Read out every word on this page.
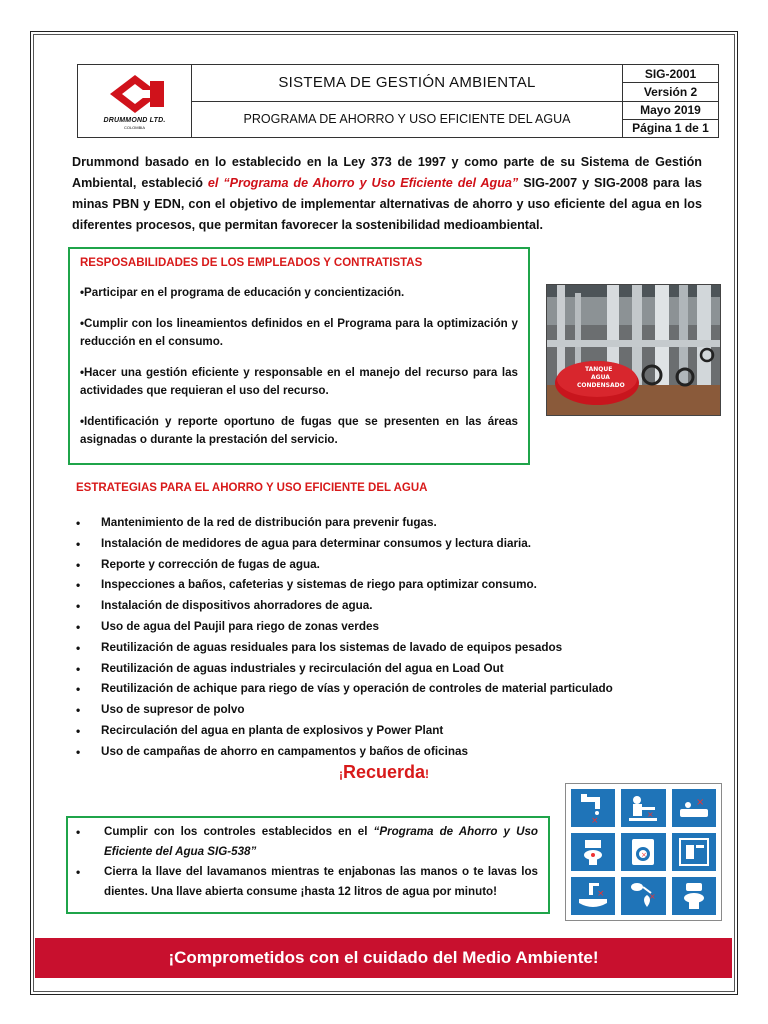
DRUMMOND LTD.
COLOMBIA
SISTEMA DE GESTIÓN AMBIENTAL
PROGRAMA DE AHORRO Y USO EFICIENTE DEL AGUA
SIG-2001
Versión 2
Mayo 2019
Página 1 de 1
Drummond basado en lo establecido en la Ley 373 de 1997 y como parte de su Sistema de Gestión Ambiental, estableció el “Programa de Ahorro y Uso Eficiente del Agua” SIG-2007 y SIG-2008 para las minas PBN y EDN, con el objetivo de implementar alternativas de ahorro y uso eficiente del agua en los diferentes procesos, que permitan favorecer la sostenibilidad medioambiental.
RESPOSABILIDADES DE LOS EMPLEADOS Y CONTRATISTAS

•Participar en el programa de educación y concientización.

•Cumplir con los lineamientos definidos en el Programa para la optimización y reducción en el consumo.

•Hacer una gestión eficiente y responsable en el manejo del recurso para las actividades que requieran el uso del recurso.

•Identificación y reporte oportuno de fugas que se presenten en las áreas asignadas o durante la prestación del servicio.

TANQUE
AGUA
CONDENSADO
ESTRATEGIAS PARA EL AHORRO Y USO EFICIENTE DEL AGUA
•	Mantenimiento de la red de distribución para prevenir fugas.
•	Instalación de medidores de agua para determinar consumos y lectura diaria.
•	Reporte y corrección de fugas de agua.
•	Inspecciones a baños, cafeterias y sistemas de riego para optimizar consumo.
•	Instalación de dispositivos ahorradores de agua.
•	Uso de agua del Paujil para riego de zonas verdes
•	Reutilización de aguas residuales para los sistemas de lavado de equipos pesados
•	Reutilización de aguas industriales y recirculación del agua en Load Out
•	Reutilización de achique para riego de vías y operación de controles de material particulado
•	Uso de supresor de polvo
•	Recirculación del agua en planta de explosivos y Power Plant
•	Uso de campañas de ahorro en campamentos y baños de oficinas
¡Recuerda!
•	Cumplir con los controles establecidos en el “Programa de Ahorro y Uso Eficiente del Agua SIG-538”
•	Cierra la llave del lavamanos mientras te enjabonas las manos o te lavas los dientes. Una llave abierta consume ¡hasta 12 litros de agua por minuto!
×
×
×
×
×	×
¡Comprometidos con el cuidado del Medio Ambiente!
